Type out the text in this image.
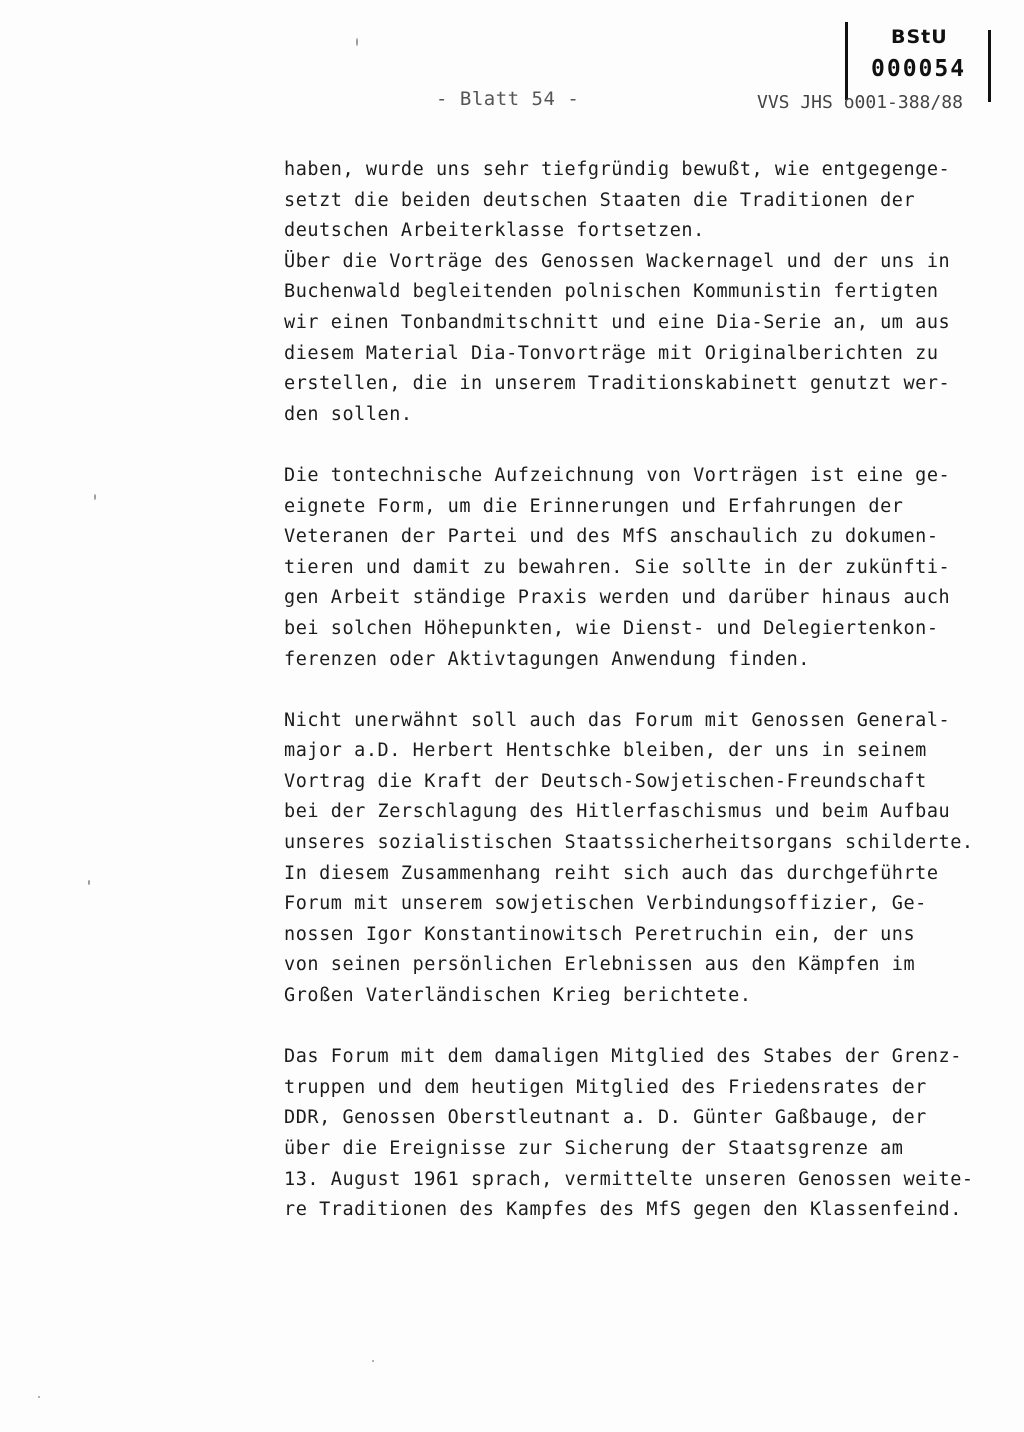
BStU
000054
- Blatt 54 -	VVS JHS o001-388/88
haben, wurde uns sehr tiefgründig bewußt, wie entgegenge-
setzt die beiden deutschen Staaten die Traditionen der
deutschen Arbeiterklasse fortsetzen.
Über die Vorträge des Genossen Wackernagel und der uns in
Buchenwald begleitenden polnischen Kommunistin fertigten
wir einen Tonbandmitschnitt und eine Dia-Serie an, um aus
diesem Material Dia-Tonvorträge mit Originalberichten zu
erstellen, die in unserem Traditionskabinett genutzt wer-
den sollen.
Die tontechnische Aufzeichnung von Vorträgen ist eine ge-
eignete Form, um die Erinnerungen und Erfahrungen der
Veteranen der Partei und des MfS anschaulich zu dokumen-
tieren und damit zu bewahren. Sie sollte in der zukünfti-
gen Arbeit ständige Praxis werden und darüber hinaus auch
bei solchen Höhepunkten, wie Dienst- und Delegiertenkon-
ferenzen oder Aktivtagungen Anwendung finden.
Nicht unerwähnt soll auch das Forum mit Genossen General-
major a.D. Herbert Hentschke bleiben, der uns in seinem
Vortrag die Kraft der Deutsch-Sowjetischen-Freundschaft
bei der Zerschlagung des Hitlerfaschismus und beim Aufbau
unseres sozialistischen Staatssicherheitsorgans schilderte.
In diesem Zusammenhang reiht sich auch das durchgeführte
Forum mit unserem sowjetischen Verbindungsoffizier, Ge-
nossen Igor Konstantinowitsch Peretruchin ein, der uns
von seinen persönlichen Erlebnissen aus den Kämpfen im
Großen Vaterländischen Krieg berichtete.
Das Forum mit dem damaligen Mitglied des Stabes der Grenz-
truppen und dem heutigen Mitglied des Friedensrates der
DDR, Genossen Oberstleutnant a. D. Günter Gaßbauge, der
über die Ereignisse zur Sicherung der Staatsgrenze am
13. August 1961 sprach, vermittelte unseren Genossen weite-
re Traditionen des Kampfes des MfS gegen den Klassenfeind.
